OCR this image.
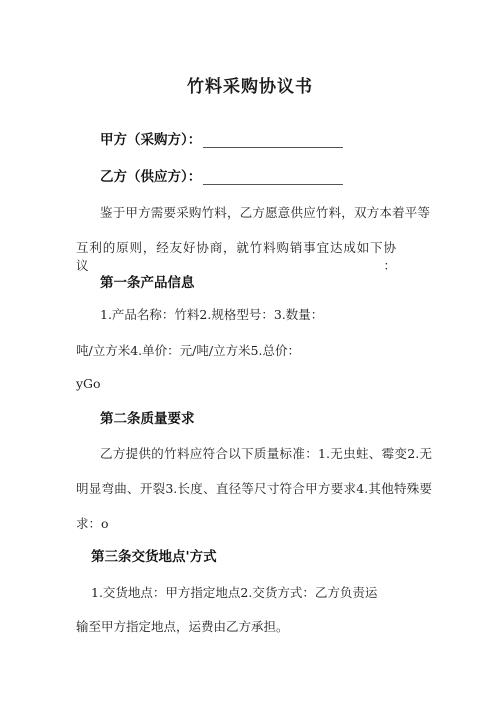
竹料采购协议书
甲方（采购方）：
乙方（供应方）：
鉴于甲方需要采购竹料，乙方愿意供应竹料，双方本着平等
互利的原则，经友好协商，就竹料购销事宜达成如下协议：
第一条产品信息
1.产品名称：竹料2.规格型号：3.数量：
吨/立方米4.单价：元/吨/立方米5.总价：
yGo
第二条质量要求
乙方提供的竹料应符合以下质量标准：1.无虫蛀、霉变2.无
明显弯曲、开裂3.长度、直径等尺寸符合甲方要求4.其他特殊要
求：o
第三条交货地点'方式
1.交货地点：甲方指定地点2.交货方式：乙方负责运
输至甲方指定地点，运费由乙方承担。
